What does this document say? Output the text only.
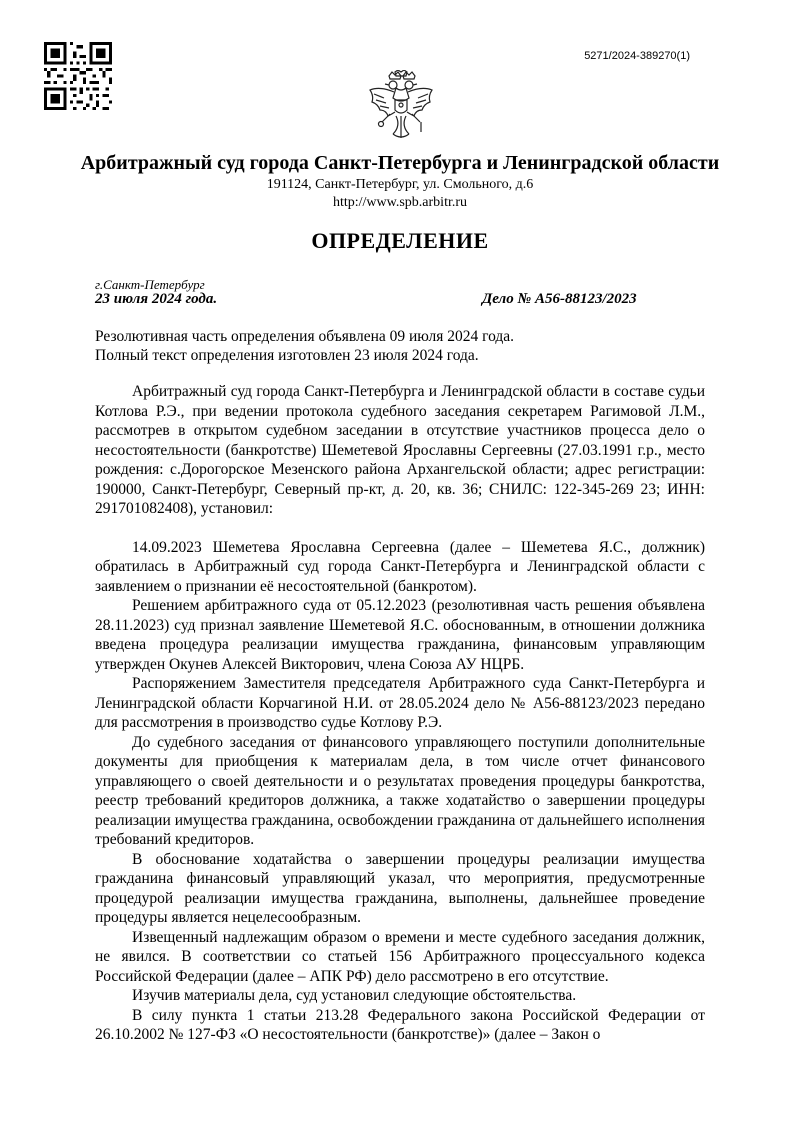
5271/2024-389270(1)
Арбитражный суд города Санкт-Петербурга и Ленинградской области
191124, Санкт-Петербург, ул. Смольного, д.6
http://www.spb.arbitr.ru
ОПРЕДЕЛЕНИЕ
г.Санкт-Петербург
23 июля 2024 года.	Дело № А56-88123/2023
Резолютивная часть определения объявлена 09 июля 2024 года.
Полный текст определения изготовлен 23 июля 2024 года.

Арбитражный суд города Санкт-Петербурга и Ленинградской области в составе судьи Котлова Р.Э., при ведении протокола судебного заседания секретарем Рагимовой Л.М., рассмотрев в открытом судебном заседании в отсутствие участников процесса дело о несостоятельности (банкротстве) Шеметевой Ярославны Сергеевны (27.03.1991 г.р., место рождения: с.Дорогорское Мезенского района Архангельской области; адрес регистрации: 190000, Санкт-Петербург, Северный пр-кт, д. 20, кв. 36; СНИЛС: 122-345-269 23; ИНН: 291701082408), установил:

14.09.2023 Шеметева Ярославна Сергеевна (далее – Шеметева Я.С., должник) обратилась в Арбитражный суд города Санкт-Петербурга и Ленинградской области с заявлением о признании её несостоятельной (банкротом).

Решением арбитражного суда от 05.12.2023 (резолютивная часть решения объявлена 28.11.2023) суд признал заявление Шеметевой Я.С. обоснованным, в отношении должника введена процедура реализации имущества гражданина, финансовым управляющим утвержден Окунев Алексей Викторович, члена Союза АУ НЦРБ.

Распоряжением Заместителя председателя Арбитражного суда Санкт-Петербурга и Ленинградской области Корчагиной Н.И. от 28.05.2024 дело № А56-88123/2023 передано для рассмотрения в производство судье Котлову Р.Э.

До судебного заседания от финансового управляющего поступили дополнительные документы для приобщения к материалам дела, в том числе отчет финансового управляющего о своей деятельности и о результатах проведения процедуры банкротства, реестр требований кредиторов должника, а также ходатайство о завершении процедуры реализации имущества гражданина, освобождении гражданина от дальнейшего исполнения требований кредиторов.

В обоснование ходатайства о завершении процедуры реализации имущества гражданина финансовый управляющий указал, что мероприятия, предусмотренные процедурой реализации имущества гражданина, выполнены, дальнейшее проведение процедуры является нецелесообразным.

Извещенный надлежащим образом о времени и месте судебного заседания должник, не явился. В соответствии со статьей 156 Арбитражного процессуального кодекса Российской Федерации (далее – АПК РФ) дело рассмотрено в его отсутствие.

Изучив материалы дела, суд установил следующие обстоятельства.

В силу пункта 1 статьи 213.28 Федерального закона Российской Федерации от 26.10.2002 № 127-ФЗ «О несостоятельности (банкротстве)» (далее – Закон о
